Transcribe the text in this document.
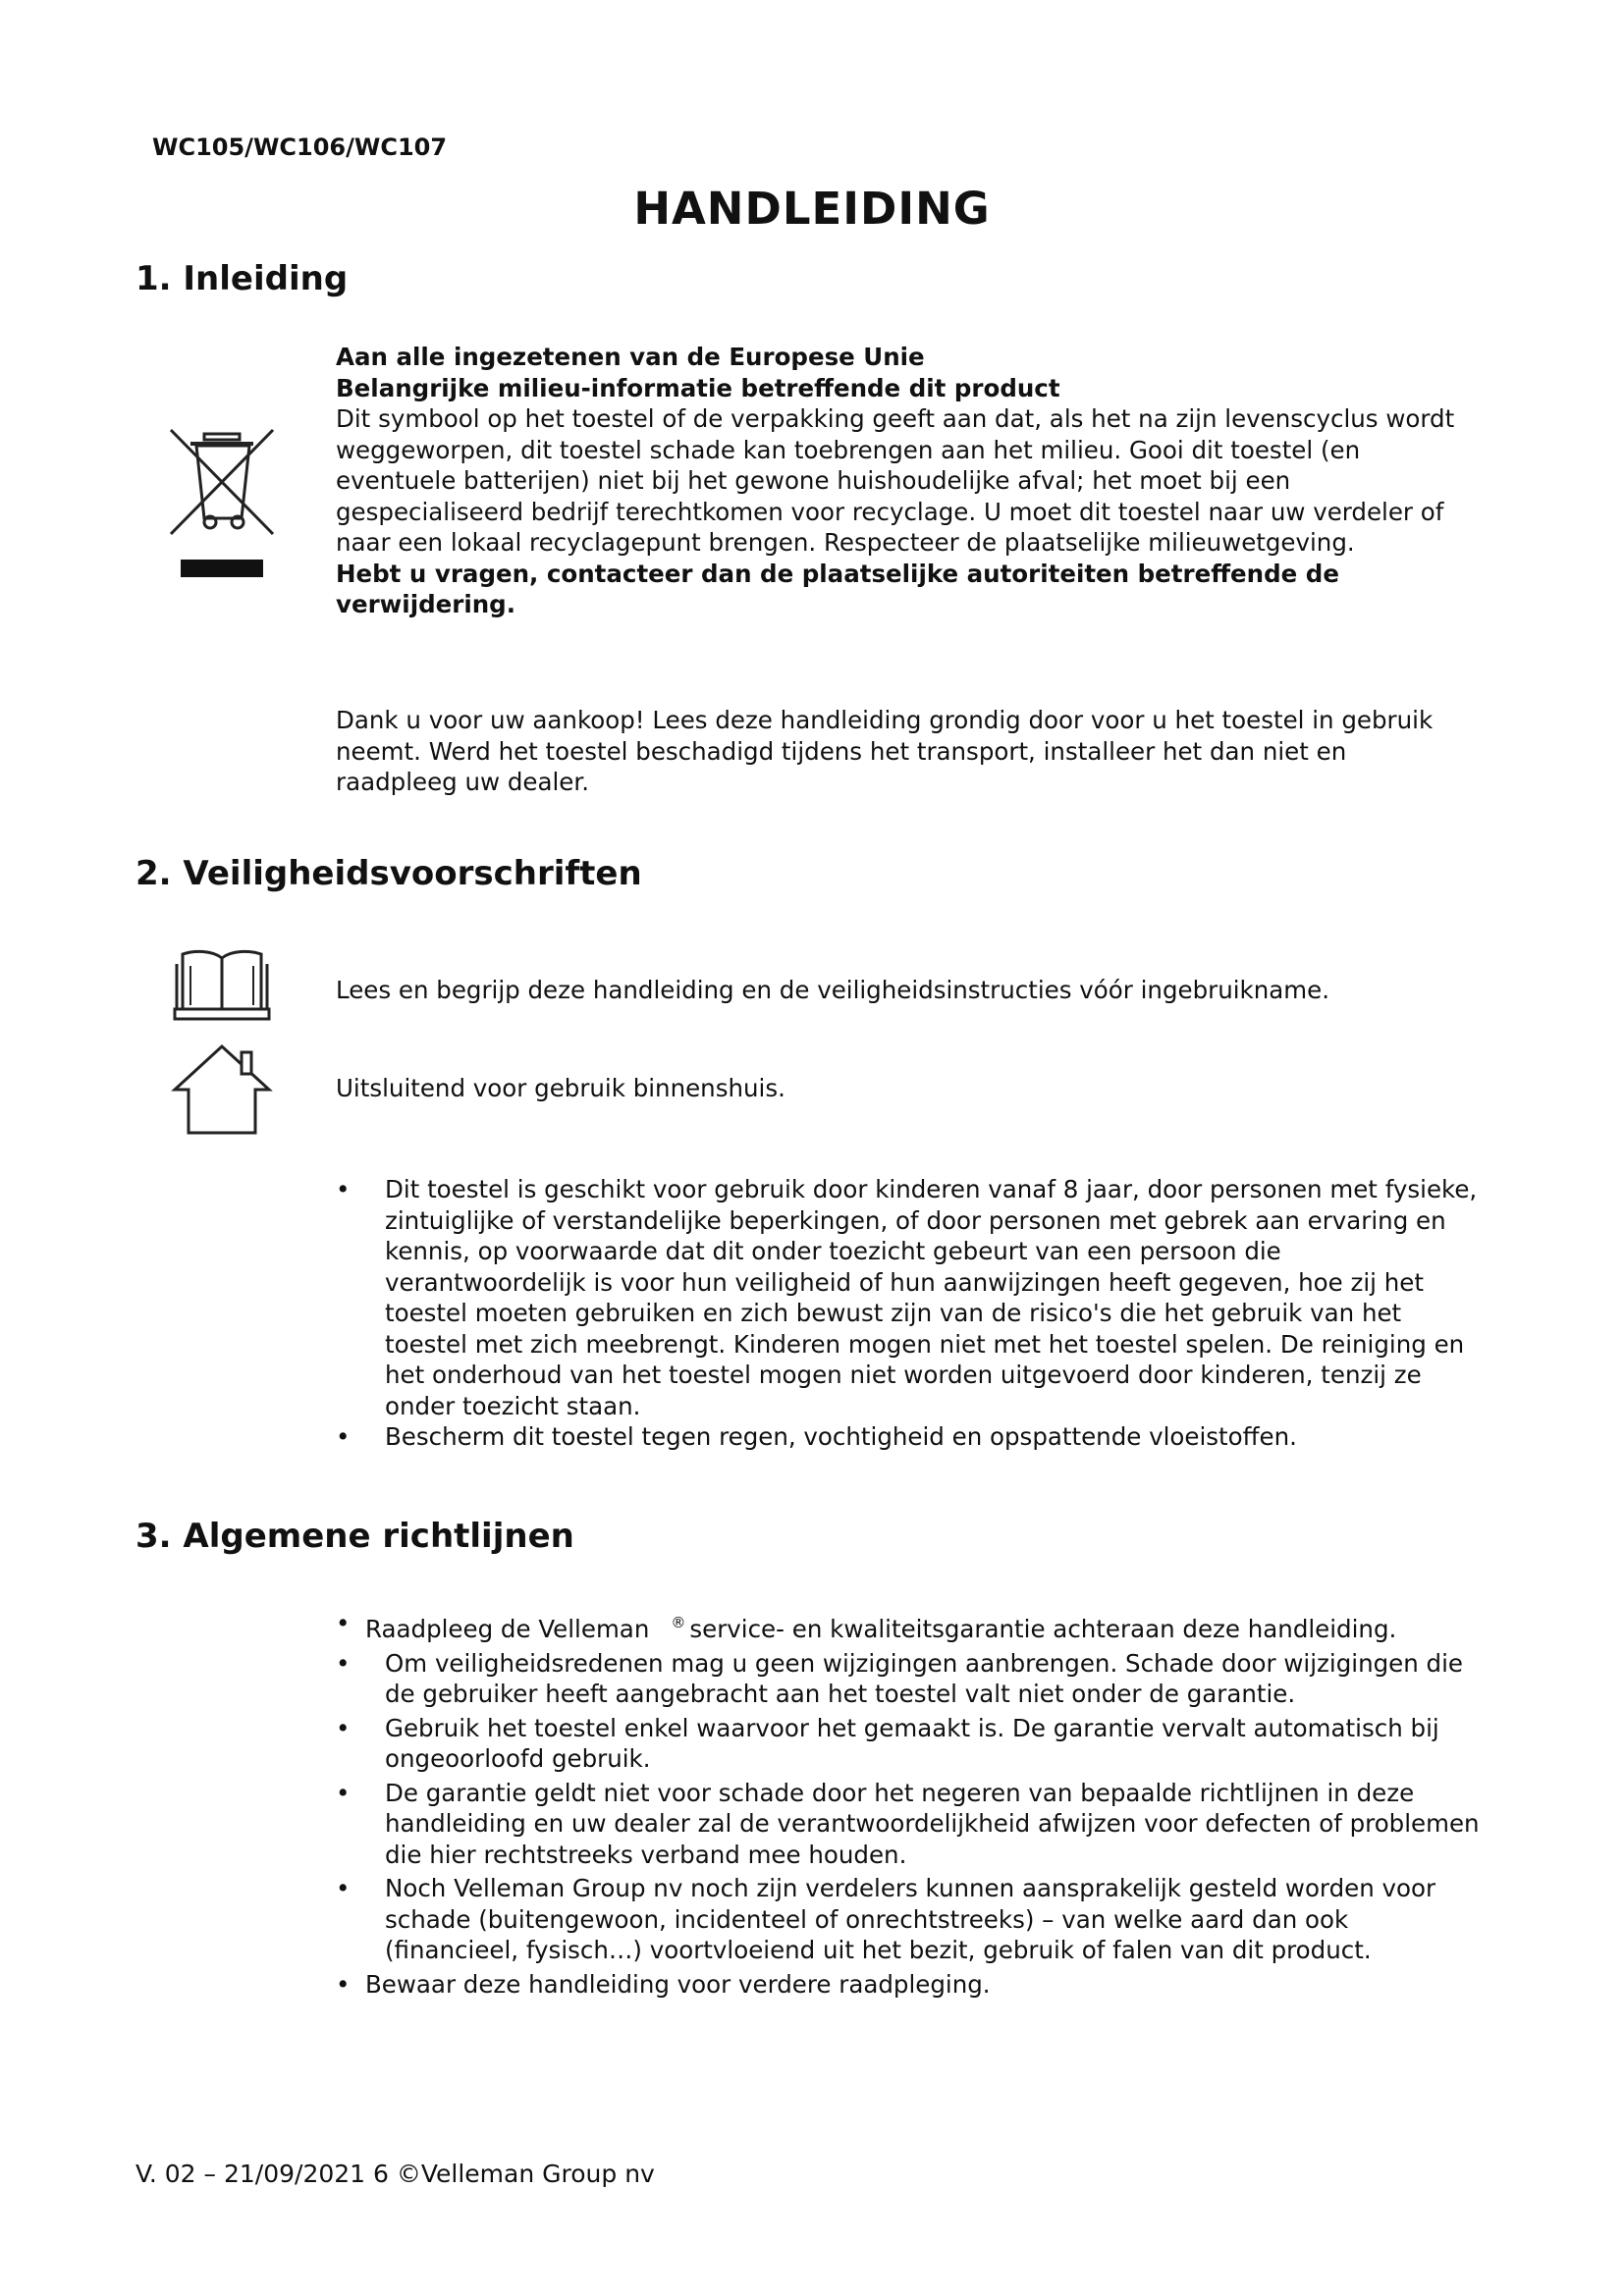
WC105/WC106/WC107
HANDLEIDING
1. Inleiding
Aan alle ingezetenen van de Europese Unie
Belangrijke milieu-informatie betreffende dit product
Dit symbool op het toestel of de verpakking geeft aan dat, als het na zijn levenscyclus wordt weggeworpen, dit toestel schade kan toebrengen aan het milieu. Gooi dit toestel (en eventuele batterijen) niet bij het gewone huishoudelijke afval; het moet bij een gespecialiseerd bedrijf terechtkomen voor recyclage. U moet dit toestel naar uw verdeler of naar een lokaal recyclagepunt brengen. Respecteer de plaatselijke milieuwetgeving.
Hebt u vragen, contacteer dan de plaatselijke autoriteiten betreffende de verwijdering.
Dank u voor uw aankoop! Lees deze handleiding grondig door voor u het toestel in gebruik neemt. Werd het toestel beschadigd tijdens het transport, installeer het dan niet en raadpleeg uw dealer.
2. Veiligheidsvoorschriften
Lees en begrijp deze handleiding en de veiligheidsinstructies vóór ingebruikname.
Uitsluitend voor gebruik binnenshuis.
• Dit toestel is geschikt voor gebruik door kinderen vanaf 8 jaar, door personen met fysieke, zintuiglijke of verstandelijke beperkingen, of door personen met gebrek aan ervaring en kennis, op voorwaarde dat dit onder toezicht gebeurt van een persoon die verantwoordelijk is voor hun veiligheid of hun aanwijzingen heeft gegeven, hoe zij het toestel moeten gebruiken en zich bewust zijn van de risico's die het gebruik van het toestel met zich meebrengt. Kinderen mogen niet met het toestel spelen. De reiniging en het onderhoud van het toestel mogen niet worden uitgevoerd door kinderen, tenzij ze onder toezicht staan.
• Bescherm dit toestel tegen regen, vochtigheid en opspattende vloeistoffen.
3. Algemene richtlijnen
• Raadpleeg de Velleman ® service- en kwaliteitsgarantie achteraan deze handleiding.
• Om veiligheidsredenen mag u geen wijzigingen aanbrengen. Schade door wijzigingen die de gebruiker heeft aangebracht aan het toestel valt niet onder de garantie.
• Gebruik het toestel enkel waarvoor het gemaakt is. De garantie vervalt automatisch bij ongeoorloofd gebruik.
• De garantie geldt niet voor schade door het negeren van bepaalde richtlijnen in deze handleiding en uw dealer zal de verantwoordelijkheid afwijzen voor defecten of problemen die hier rechtstreeks verband mee houden.
• Noch Velleman Group nv noch zijn verdelers kunnen aansprakelijk gesteld worden voor schade (buitengewoon, incidenteel of onrechtstreeks) – van welke aard dan ook (financieel, fysisch…) voortvloeiend uit het bezit, gebruik of falen van dit product.
• Bewaar deze handleiding voor verdere raadpleging.
V. 02 – 21/09/2021 6 ©Velleman Group nv
